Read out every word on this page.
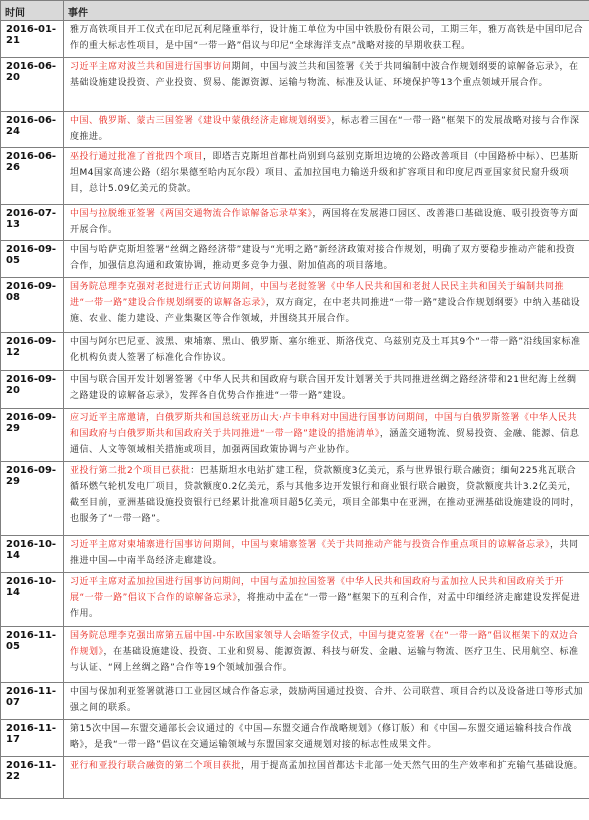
时间	事件
2016-01-21	雅万高铁项目开工仪式在印尼瓦利尼隆重举行，设计施工单位为中国中铁股份有限公司，工期三年，雅万高铁是中国印尼合作的重大标志性项目，是中国“一带一路”倡议与印尼“全球海洋支点”战略对接的早期收获工程。
2016-06-20	习近平主席对波兰共和国进行国事访问期间，中国与波兰共和国签署《关于共同编制中波合作规划纲要的谅解备忘录》，在基础设施建设投资、产业投资、贸易、能源资源、运输与物流、标准及认证、环境保护等13个重点领域开展合作。
2016-06-24	中国、俄罗斯、蒙古三国签署《建设中蒙俄经济走廊规划纲要》，标志着三国在“一带一路”框架下的发展战略对接与合作深度推进。
2016-06-26	巫投行通过批准了首批四个项目，即塔吉克斯坦首都杜尚别到乌兹别克斯坦边境的公路改善项目（中国路桥中标）、巴基斯坦M4国家高速公路（绍尔果德至哈内瓦尔段）项目、孟加拉国电力输送升级和扩容项目和印度尼西亚国家贫民窟升级项目，总计5.09亿美元的贷款。
2016-07-13	中国与拉脱维亚签署《两国交通物流合作谅解备忘录草案》，两国将在发展港口园区、改善港口基础设施、吸引投资等方面开展合作。
2016-09-05	中国与哈萨克斯坦签署“丝绸之路经济带”建设与“光明之路”新经济政策对接合作规划，明确了双方要稳步推动产能和投资合作，加强信息沟通和政策协调，推动更多竞争力强、附加值高的项目落地。
2016-09-08	国务院总理李克强对老挝进行正式访问期间，中国与老挝签署《中华人民共和国和老挝人民民主共和国关于编制共同推进“一带一路”建设合作规划纲要的谅解备忘录》，双方商定，在中老共同推进“一带一路”建设合作规划纲要》中纳入基础设施、农业、能力建设、产业集聚区等合作领域，并围绕其开展合作。
2016-09-12	中国与阿尔巴尼亚、波黑、柬埔寨、黑山、俄罗斯、塞尔维亚、斯洛伐克、乌兹别克及土耳其9个“一带一路”沿线国家标准化机构负责人签署了标准化合作协议。
2016-09-20	中国与联合国开发计划署签署《中华人民共和国政府与联合国开发计划署关于共同推进丝绸之路经济带和21世纪海上丝绸之路建设的谅解备忘录》，发挥各自优势合作推进“一带一路”建设。
2016-09-29	应习近平主席邀请，白俄罗斯共和国总统亚历山大·卢卡申科对中国进行国事访问期间，中国与白俄罗斯签署《中华人民共和国政府与白俄罗斯共和国政府关于共同推进“一带一路”建设的措施清单》，涵盖交通物流、贸易投资、金融、能源、信息通信、人文等领域相关措施或项目，加强两国政策协调与产业协作。
2016-09-29	亚投行第二批2个项目已获批：巴基斯坦水电站扩建工程，贷款额度3亿美元，系与世界银行联合融资；缅甸225兆瓦联合循环燃气轮机发电厂项目，贷款额度0.2亿美元，系与其他多边开发银行和商业银行联合融资，贷款额度共计3.2亿美元，截至目前，亚洲基础设施投资银行已经累计批准项目超5亿美元，项目全部集中在亚洲，在推动亚洲基础设施建设的同时，也服务了“一带一路”。
2016-10-14	习近平主席对柬埔寨进行国事访问期间，中国与柬埔寨签署《关于共同推动产能与投资合作重点项目的谅解备忘录》，共同推进中国—中南半岛经济走廊建设。
2016-10-14	习近平主席对孟加拉国进行国事访问期间，中国与孟加拉国签署《中华人民共和国政府与孟加拉人民共和国政府关于开展“一带一路”倡议下合作的谅解备忘录》，将推动中孟在“一带一路”框架下的互利合作，对孟中印缅经济走廊建设发挥促进作用。
2016-11-05	国务院总理李克强出席第五届中国-中东欧国家领导人会晤签字仪式，中国与捷克签署《在“一带一路”倡议框架下的双边合作规划》，在基础设施建设、投资、工业和贸易、能源资源、科技与研发、金融、运输与物流、医疗卫生、民用航空、标准与认证、“网上丝绸之路”合作等19个领域加强合作。
2016-11-07	中国与保加利亚签署就港口工业园区域合作备忘录，鼓励两国通过投资、合并、公司联营、项目合约以及设备进口等形式加强之间的联系。
2016-11-17	第15次中国—东盟交通部长会议通过的《中国—东盟交通合作战略规划》（修订版）和《中国—东盟交通运输科技合作战略》，是我“一带一路”倡议在交通运输领域与东盟国家交通规划对接的标志性成果文件。
2016-11-22	亚行和亚投行联合融资的第二个项目获批，用于提高孟加拉国首都达卡北部一处天然气田的生产效率和扩充输气基础设施。
